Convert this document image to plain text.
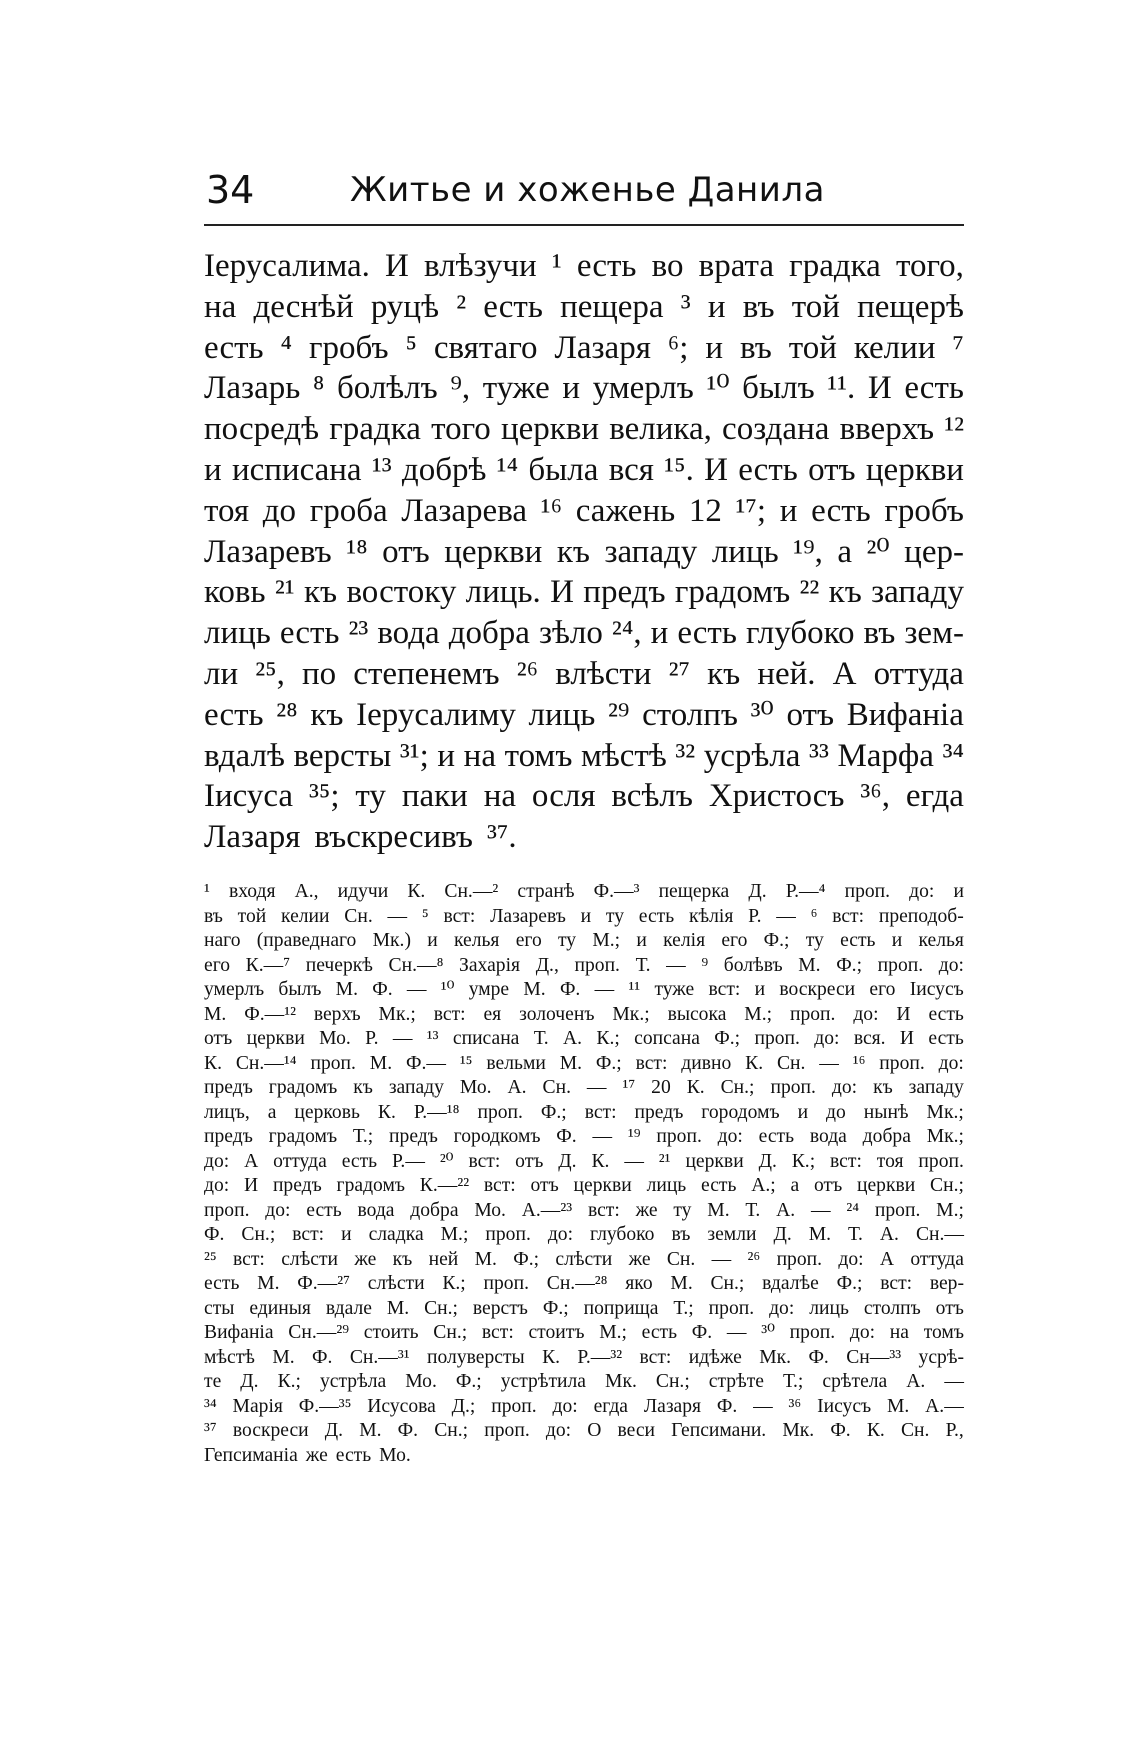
34	Житье и хоженье Данила
Іерусалима. И влѣзучи ¹ есть во врата градка того,
на деснѣй руцѣ ² есть пещера ³ и въ той пещерѣ
есть ⁴ гробъ ⁵ святаго Лазаря ⁶; и въ той келии ⁷
Лазарь ⁸ болѣлъ ⁹, туже и умерлъ ¹⁰ былъ ¹¹. И есть
посредѣ градка того церкви велика, создана вверхъ ¹²
и исписана ¹³ добрѣ ¹⁴ была вся ¹⁵. И есть отъ церкви
тоя до гроба Лазарева ¹⁶ сажень 12 ¹⁷; и есть гробъ
Лазаревъ ¹⁸ отъ церкви къ западу лиць ¹⁹, а ²⁰ цер-
ковь ²¹ къ востоку лиць. И предъ градомъ ²² къ западу
лиць есть ²³ вода добра зѣло ²⁴, и есть глубоко въ зем-
ли ²⁵, по степенемъ ²⁶ влѣсти ²⁷ къ ней. А оттуда
есть ²⁸ къ Іерусалиму лиць ²⁹ столпъ ³⁰ отъ Вифаніа
вдалѣ версты ³¹; и на томъ мѣстѣ ³² усрѣла ³³ Марфа ³⁴
Іисуса ³⁵; ту паки на осля всѣлъ Христосъ ³⁶, егда
Лазаря въскресивъ ³⁷.
¹ входя А., идучи К. Сн.—² странѣ Ф.—³ пещерка Д. Р.—⁴ проп. до: и
въ той келии Сн. — ⁵ вст: Лазаревъ и ту есть кѣлія Р. — ⁶ вст: преподоб-
наго (праведнаго Мк.) и келья его ту М.; и келія его Ф.; ту есть и келья
его К.—⁷ печеркѣ Сн.—⁸ Захарія Д., проп. Т. — ⁹ болѣвъ М. Ф.; проп. до:
умерлъ былъ М. Ф. — ¹⁰ умре М. Ф. — ¹¹ туже вст: и воскреси его Іисусъ
М. Ф.—¹² верхъ Мк.; вст: ея золоченъ Мк.; высока М.; проп. до: И есть
отъ церкви Мо. Р. — ¹³ списана Т. А. К.; сопсана Ф.; проп. до: вся. И есть
К. Сн.—¹⁴ проп. М. Ф.— ¹⁵ вельми М. Ф.; вст: дивно К. Сн. — ¹⁶ проп. до:
предъ градомъ къ западу Мо. А. Сн. — ¹⁷ 20 К. Сн.; проп. до: къ западу
лицъ, а церковь К. Р.—¹⁸ проп. Ф.; вст: предъ городомъ и до нынѣ Мк.;
предъ градомъ Т.; предъ городкомъ Ф. — ¹⁹ проп. до: есть вода добра Мк.;
до: А оттуда есть Р.— ²⁰ вст: отъ Д. К. — ²¹ церкви Д. К.; вст: тоя проп.
до: И предъ градомъ К.—²² вст: отъ церкви лиць есть А.; а отъ церкви Сн.;
проп. до: есть вода добра Мо. А.—²³ вст: же ту М. Т. А. — ²⁴ проп. М.;
Ф. Сн.; вст: и сладка М.; проп. до: глубоко въ земли Д. М. Т. А. Сн.—
²⁵ вст: слѣсти же къ ней М. Ф.; слѣсти же Сн. — ²⁶ проп. до: А оттуда
есть М. Ф.—²⁷ слѣсти К.; проп. Сн.—²⁸ яко М. Сн.; вдалѣе Ф.; вст: вер-
сты единыя вдале М. Сн.; верстъ Ф.; поприща Т.; проп. до: лиць столпъ отъ
Вифаніа Сн.—²⁹ стоить Сн.; вст: стоитъ М.; есть Ф. — ³⁰ проп. до: на томъ
мѣстѣ М. Ф. Сн.—³¹ полуверсты К. Р.—³² вст: идѣже Мк. Ф. Сн—³³ усрѣ-
те Д. К.; устрѣла Мо. Ф.; устрѣтила Мк. Сн.; стрѣте Т.; срѣтела А. —
³⁴ Марія Ф.—³⁵ Исусова Д.; проп. до: егда Лазаря Ф. — ³⁶ Іисусъ М. А.—
³⁷ воскреси Д. М. Ф. Сн.; проп. до: О веси Гепсимани. Мк. Ф. К. Сн. Р.,
Гепсиманіа же есть Мо.
